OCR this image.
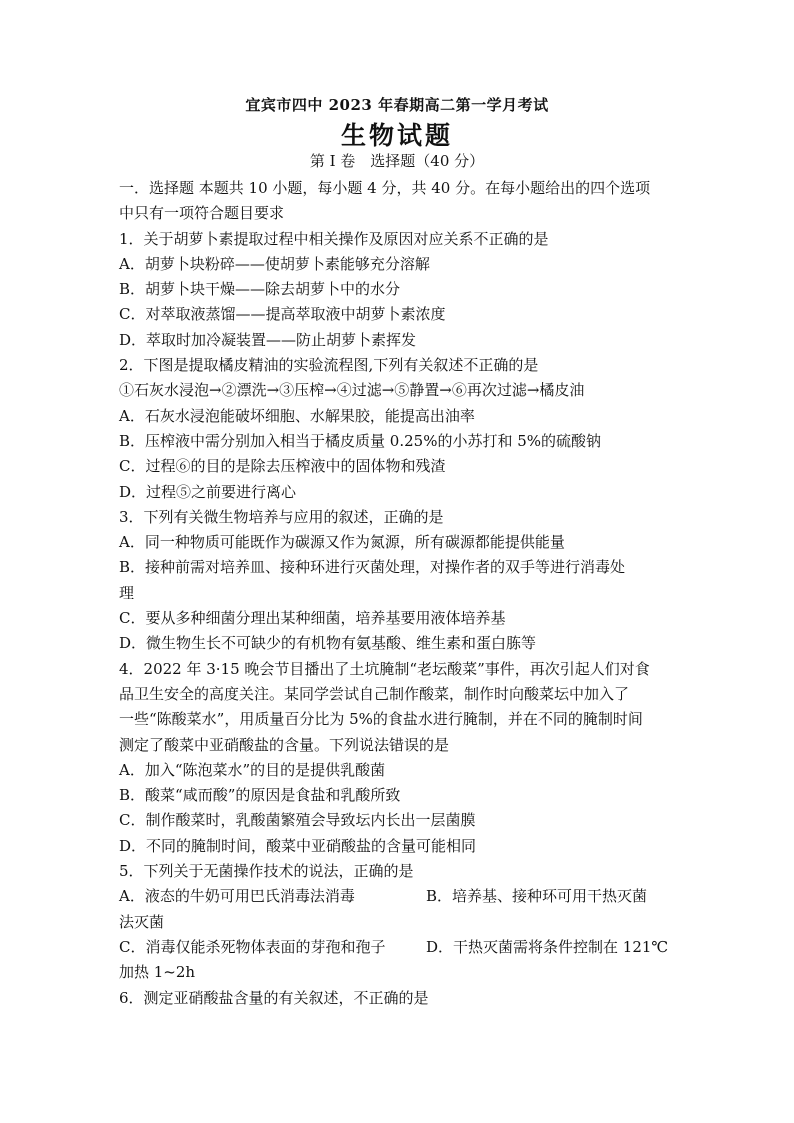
宜宾市四中 2023 年春期高二第一学月考试
生物试题
第 I 卷　选择题（40 分）
一．选择题 本题共 10 小题，每小题 4 分，共 40 分。在每小题给出的四个选项
中只有一项符合题目要求
1．关于胡萝卜素提取过程中相关操作及原因对应关系不正确的是
A．胡萝卜块粉碎——使胡萝卜素能够充分溶解
B．胡萝卜块干燥——除去胡萝卜中的水分
C．对萃取液蒸馏——提高萃取液中胡萝卜素浓度
D．萃取时加冷凝装置——防止胡萝卜素挥发
2．下图是提取橘皮精油的实验流程图,下列有关叙述不正确的是
①石灰水浸泡→②漂洗→③压榨→④过滤→⑤静置→⑥再次过滤→橘皮油
A．石灰水浸泡能破坏细胞、水解果胶，能提高出油率
B．压榨液中需分别加入相当于橘皮质量 0.25%的小苏打和 5%的硫酸钠
C．过程⑥的目的是除去压榨液中的固体物和残渣
D．过程⑤之前要进行离心
3．下列有关微生物培养与应用的叙述，正确的是
A．同一种物质可能既作为碳源又作为氮源，所有碳源都能提供能量
B．接种前需对培养皿、接种环进行灭菌处理，对操作者的双手等进行消毒处
理
C．要从多种细菌分理出某种细菌，培养基要用液体培养基
D．微生物生长不可缺少的有机物有氨基酸、维生素和蛋白胨等
4．2022 年 3·15 晚会节目播出了土坑腌制“老坛酸菜”事件，再次引起人们对食
品卫生安全的高度关注。某同学尝试自己制作酸菜，制作时向酸菜坛中加入了
一些“陈酸菜水”，用质量百分比为 5%的食盐水进行腌制，并在不同的腌制时间
测定了酸菜中亚硝酸盐的含量。下列说法错误的是
A．加入“陈泡菜水”的目的是提供乳酸菌
B．酸菜“咸而酸”的原因是食盐和乳酸所致
C．制作酸菜时，乳酸菌繁殖会导致坛内长出一层菌膜
D．不同的腌制时间，酸菜中亚硝酸盐的含量可能相同
5．下列关于无菌操作技术的说法，正确的是
A．液态的牛奶可用巴氏消毒法消毒	B．培养基、接种环可用干热灭菌
法灭菌
C．消毒仅能杀死物体表面的芽孢和孢子	D．干热灭菌需将条件控制在 121℃
加热 1~2h
6．测定亚硝酸盐含量的有关叙述，不正确的是
